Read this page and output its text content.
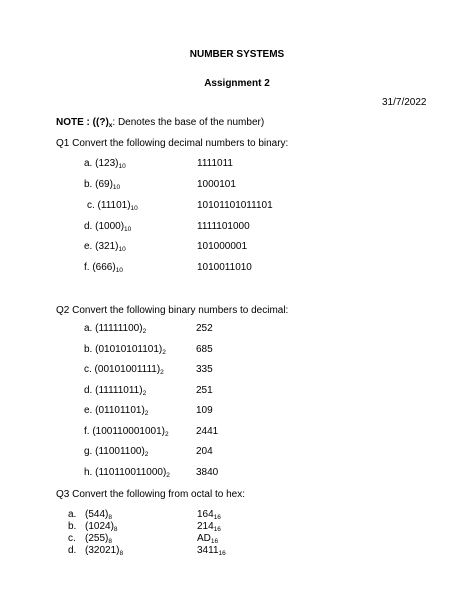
NUMBER SYSTEMS
Assignment 2
31/7/2022
NOTE : ($(?)_x$: Denotes the base of the number)
Q1 Convert the following decimal numbers to binary:
a. $(123)_{10}$	1111011
b. $(69)_{10}$	1000101
c. $(11101)_{10}$	10101101011101
d. $(1000)_{10}$	1111101000
e. $(321)_{10}$	101000001
f. $(666)_{10}$	1010011010
Q2 Convert the following binary numbers to decimal:
a. $(11111100)_2$	252
b. $(01010101101)_2$	685
c. $(00101001111)_2$	335
d. $(11111011)_2$	251
e. $(01101101)_2$	109
f. $(100110001001)_2$	2441
g. $(11001100)_2$	204
h. $(110110011000)_2$	3840
Q3 Convert the following from octal to hex:
a. $(544)_8$	$164_{16}$
b. $(1024)_8$	$214_{16}$
c. $(255)_8$	$AD_{16}$
d. $(32021)_8$	$3411_{16}$
